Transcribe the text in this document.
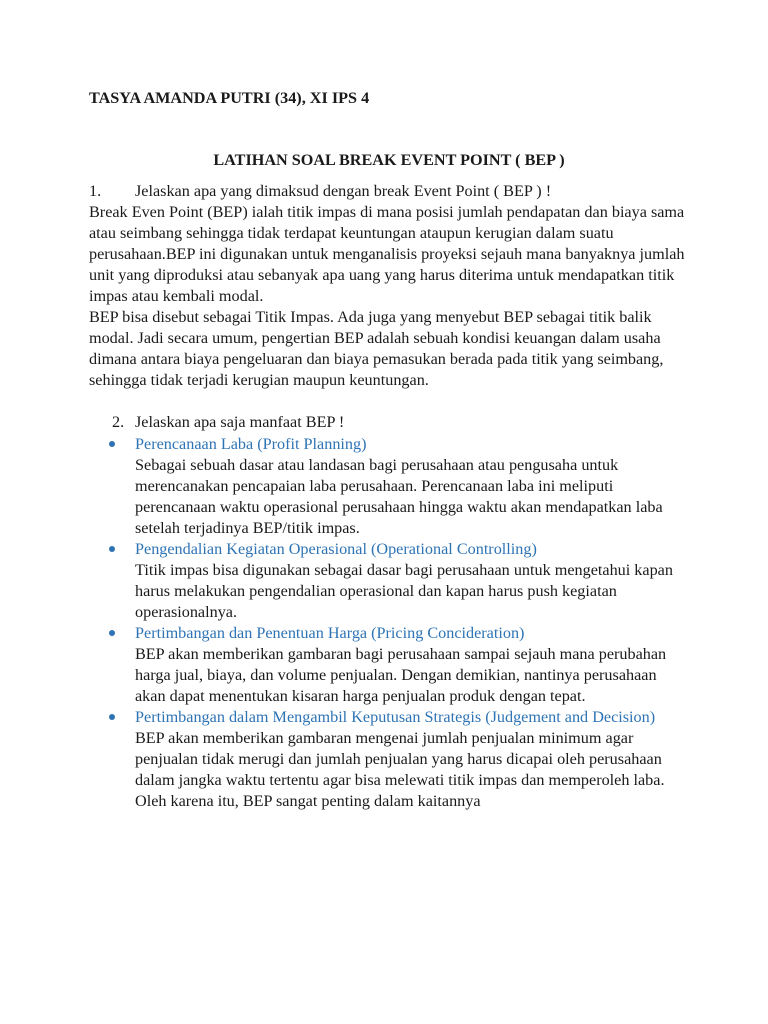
TASYA AMANDA PUTRI (34), XI IPS 4

LATIHAN SOAL BREAK EVENT POINT ( BEP )

1.	Jelaskan apa yang dimaksud dengan break Event Point ( BEP ) !

Break Even Point (BEP) ialah titik impas di mana posisi jumlah pendapatan dan biaya sama atau seimbang sehingga tidak terdapat keuntungan ataupun kerugian dalam suatu perusahaan.BEP ini digunakan untuk menganalisis proyeksi sejauh mana banyaknya jumlah unit yang diproduksi atau sebanyak apa uang yang harus diterima untuk mendapatkan titik impas atau kembali modal.

BEP bisa disebut sebagai Titik Impas. Ada juga yang menyebut BEP sebagai titik balik modal. Jadi secara umum, pengertian BEP adalah sebuah kondisi keuangan dalam usaha dimana antara biaya pengeluaran dan biaya pemasukan berada pada titik yang seimbang, sehingga tidak terjadi kerugian maupun keuntungan.

2. Jelaskan apa saja manfaat BEP !

Perencanaan Laba (Profit Planning)

Sebagai sebuah dasar atau landasan bagi perusahaan atau pengusaha untuk merencanakan pencapaian laba perusahaan. Perencanaan laba ini meliputi perencanaan waktu operasional perusahaan hingga waktu akan mendapatkan laba setelah terjadinya BEP/titik impas.

Pengendalian Kegiatan Operasional (Operational Controlling)

Titik impas bisa digunakan sebagai dasar bagi perusahaan untuk mengetahui kapan harus melakukan pengendalian operasional dan kapan harus push kegiatan operasionalnya.

Pertimbangan dan Penentuan Harga (Pricing Concideration)

BEP akan memberikan gambaran bagi perusahaan sampai sejauh mana perubahan harga jual, biaya, dan volume penjualan. Dengan demikian, nantinya perusahaan akan dapat menentukan kisaran harga penjualan produk dengan tepat.

Pertimbangan dalam Mengambil Keputusan Strategis (Judgement and Decision)

BEP akan memberikan gambaran mengenai jumlah penjualan minimum agar penjualan tidak merugi dan jumlah penjualan yang harus dicapai oleh perusahaan dalam jangka waktu tertentu agar bisa melewati titik impas dan memperoleh laba. Oleh karena itu, BEP sangat penting dalam kaitannya
